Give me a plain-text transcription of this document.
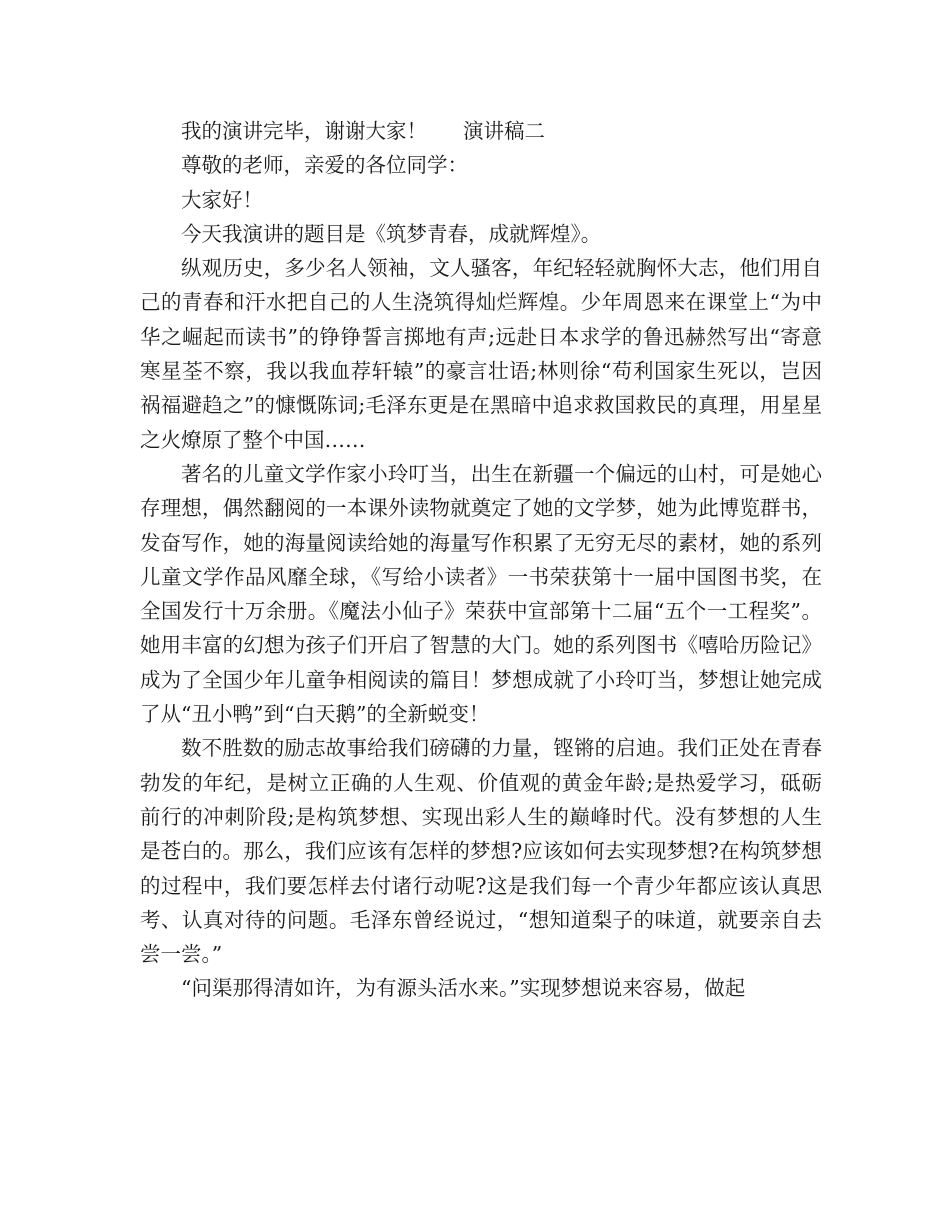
我的演讲完毕，谢谢大家！ 演讲稿二

尊敬的老师，亲爱的各位同学：

大家好！

今天我演讲的题目是《筑梦青春，成就辉煌》。

纵观历史，多少名人领袖，文人骚客，年纪轻轻就胸怀大志，他们用自己的青春和汗水把自己的人生浇筑得灿烂辉煌。少年周恩来在课堂上“为中华之崛起而读书”的铮铮誓言掷地有声;远赴日本求学的鲁迅赫然写出“寄意寒星荃不察，我以我血荐轩辕”的豪言壮语;林则徐“苟利国家生死以，岂因祸福避趋之”的慷慨陈词;毛泽东更是在黑暗中追求救国救民的真理，用星星之火燎原了整个中国……

著名的儿童文学作家小玲叮当，出生在新疆一个偏远的山村，可是她心存理想，偶然翻阅的一本课外读物就奠定了她的文学梦，她为此博览群书，发奋写作，她的海量阅读给她的海量写作积累了无穷无尽的素材，她的系列儿童文学作品风靡全球，《写给小读者》一书荣获第十一届中国图书奖，在全国发行十万余册。《魔法小仙子》荣获中宣部第十二届“五个一工程奖”。她用丰富的幻想为孩子们开启了智慧的大门。她的系列图书《嘻哈历险记》成为了全国少年儿童争相阅读的篇目！梦想成就了小玲叮当，梦想让她完成了从“丑小鸭”到“白天鹅”的全新蜕变！

数不胜数的励志故事给我们磅礴的力量，铿锵的启迪。我们正处在青春勃发的年纪，是树立正确的人生观、价值观的黄金年龄;是热爱学习，砥砺前行的冲刺阶段;是构筑梦想、实现出彩人生的巅峰时代。没有梦想的人生是苍白的。那么，我们应该有怎样的梦想?应该如何去实现梦想?在构筑梦想的过程中，我们要怎样去付诸行动呢?这是我们每一个青少年都应该认真思考、认真对待的问题。毛泽东曾经说过，“想知道梨子的味道，就要亲自去尝一尝。”

“问渠那得清如许，为有源头活水来。”实现梦想说来容易，做起
